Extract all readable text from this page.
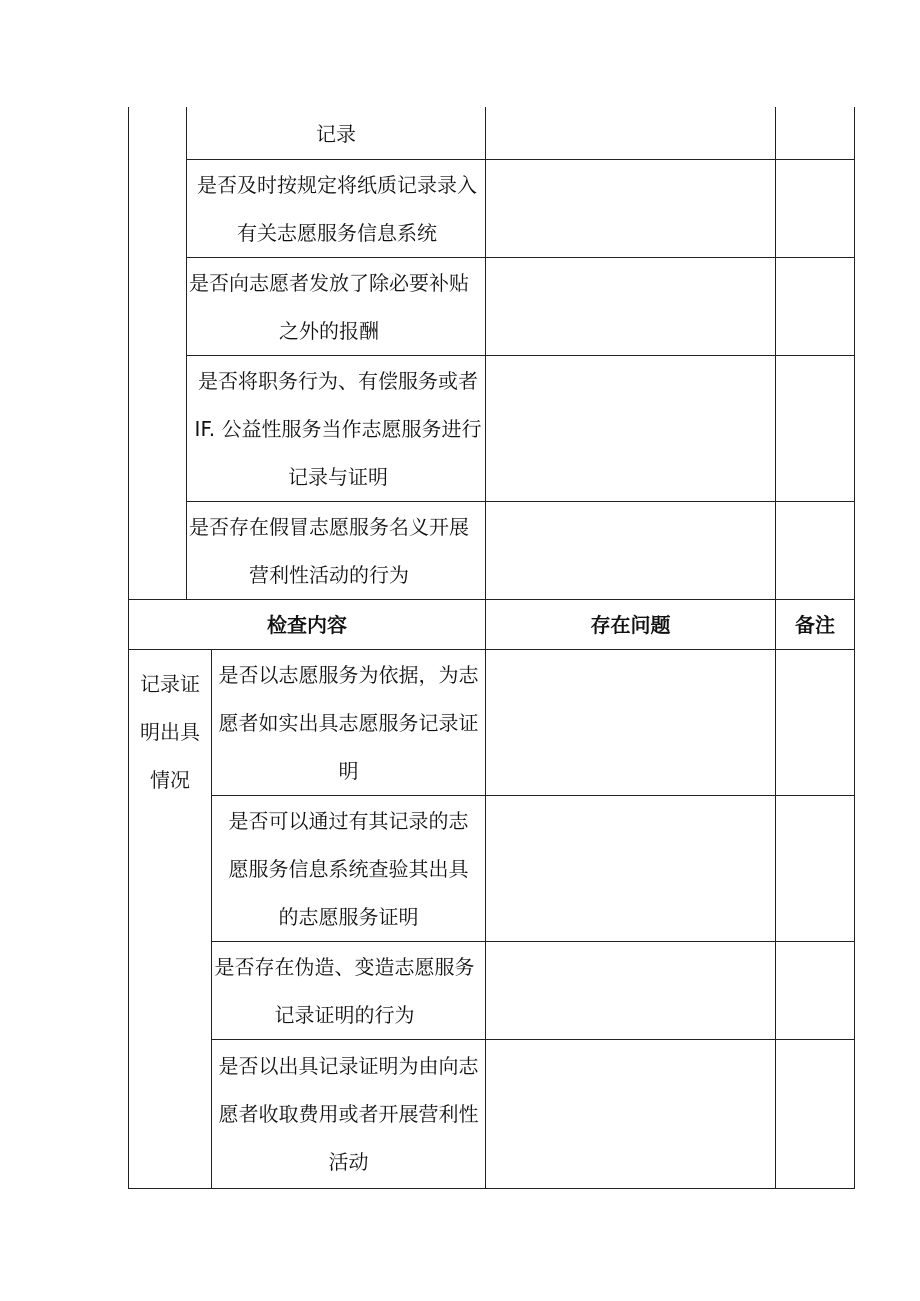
记录
是否及时按规定将纸质记录录入有关志愿服务信息系统
是否向志愿者发放了除必要补贴之外的报酬
是否将职务行为、有偿服务或者IF. 公益性服务当作志愿服务进行记录与证明
是否存在假冒志愿服务名义开展营利性活动的行为
检查内容	存在问题	备注
记录证明出具情况
是否以志愿服务为依据，为志愿者如实出具志愿服务记录证明
是否可以通过有其记录的志愿服务信息系统查验其出具的志愿服务证明
是否存在伪造、变造志愿服务记录证明的行为
是否以出具记录证明为由向志愿者收取费用或者开展营利性活动
